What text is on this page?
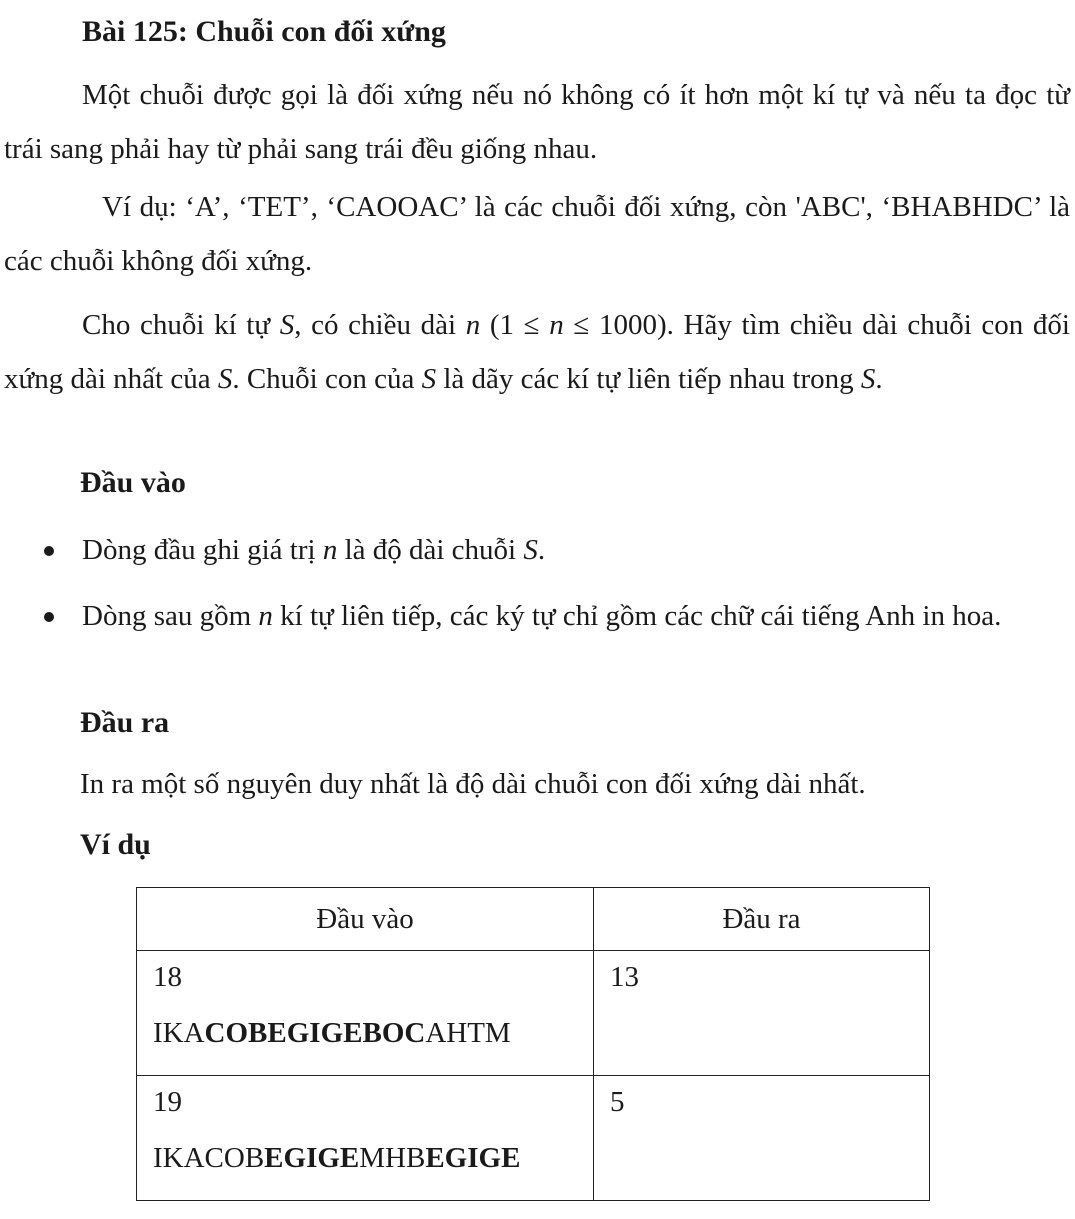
Bài 125: Chuỗi con đối xứng

Một chuỗi được gọi là đối xứng nếu nó không có ít hơn một kí tự và nếu ta đọc từ trái sang phải hay từ phải sang trái đều giống nhau.

Ví dụ: ‘A’, ‘TET’, ‘CAOOAC’ là các chuỗi đối xứng, còn 'ABC', ‘BHABHDC’ là các chuỗi không đối xứng.

Cho chuỗi kí tự S, có chiều dài n (1 ≤ n ≤ 1000). Hãy tìm chiều dài chuỗi con đối xứng dài nhất của S. Chuỗi con của S là dãy các kí tự liên tiếp nhau trong S.

Đầu vào

Dòng đầu ghi giá trị n là độ dài chuỗi S.

Dòng sau gồm n kí tự liên tiếp, các ký tự chỉ gồm các chữ cái tiếng Anh in hoa.

Đầu ra
In ra một số nguyên duy nhất là độ dài chuỗi con đối xứng dài nhất.
Ví dụ
Đầu vào	Đầu ra

18
IKACOBEGIGEBOCAHTM	13

19
IKACOBEGIGEMHBEGIGE	5
